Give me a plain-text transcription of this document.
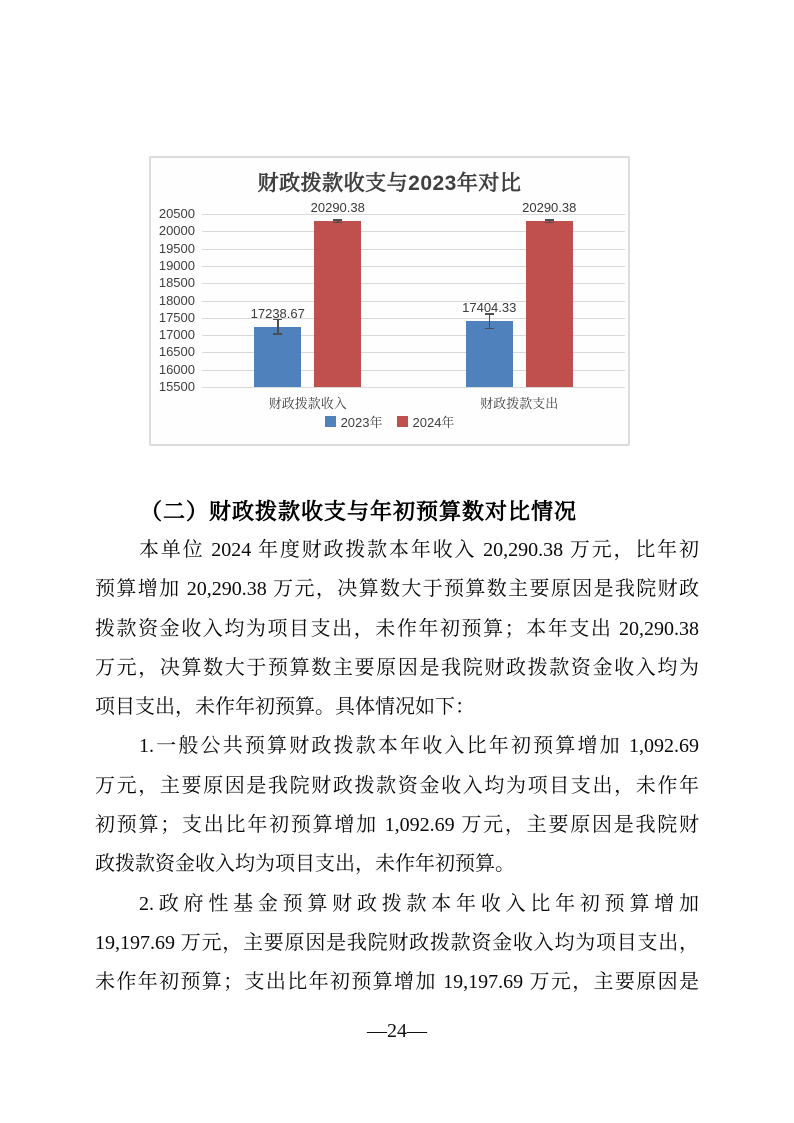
财政拨款收支与2023年对比
15500
16000
16500
17000
17500
18000
18500
19000
19500
20000
20500
17238.67
20290.38
财政拨款收入
17404.33
20290.38
财政拨款支出
2023年 2024年
（二）财政拨款收支与年初预算数对比情况
本单位 2024 年度财政拨款本年收入 20,290.38 万元，比年初
预算增加 20,290.38 万元，决算数大于预算数主要原因是我院财政
拨款资金收入均为项目支出，未作年初预算；本年支出 20,290.38
万元，决算数大于预算数主要原因是我院财政拨款资金收入均为
项目支出，未作年初预算。具体情况如下：
1.一般公共预算财政拨款本年收入比年初预算增加 1,092.69
万元，主要原因是我院财政拨款资金收入均为项目支出，未作年
初预算；支出比年初预算增加 1,092.69 万元，主要原因是我院财
政拨款资金收入均为项目支出，未作年初预算。
2.政府性基金预算财政拨款本年收入比年初预算增加
19,197.69 万元，主要原因是我院财政拨款资金收入均为项目支出，
未作年初预算；支出比年初预算增加 19,197.69 万元，主要原因是
—24—
